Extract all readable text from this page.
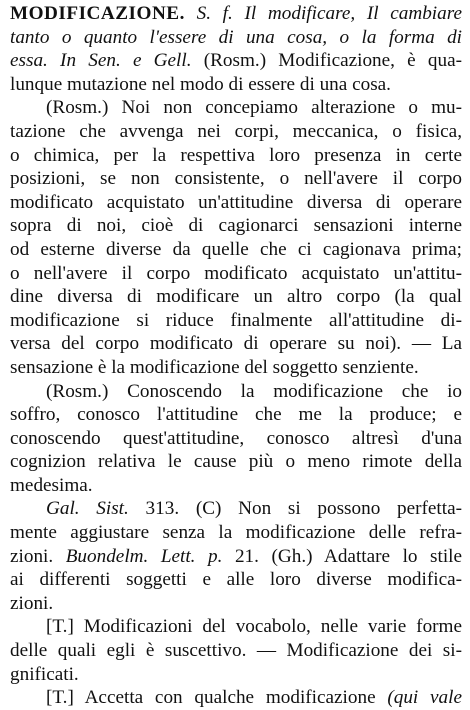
MODIFICAZIONE. S. f. Il modificare, Il cambiare
tanto o quanto l'essere di una cosa, o la forma di
essa. In Sen. e Gell. (Rosm.) Modificazione, è qua-
lunque mutazione nel modo di essere di una cosa.
(Rosm.) Noi non concepiamo alterazione o mu-
tazione che avvenga nei corpi, meccanica, o fisica,
o chimica, per la respettiva loro presenza in certe
posizioni, se non consistente, o nell'avere il corpo
modificato acquistato un'attitudine diversa di operare
sopra di noi, cioè di cagionarci sensazioni interne
od esterne diverse da quelle che ci cagionava prima;
o nell'avere il corpo modificato acquistato un'attitu-
dine diversa di modificare un altro corpo (la qual
modificazione si riduce finalmente all'attitudine di-
versa del corpo modificato di operare su noi). — La
sensazione è la modificazione del soggetto senziente.
(Rosm.) Conoscendo la modificazione che io
soffro, conosco l'attitudine che me la produce; e
conoscendo quest'attitudine, conosco altresì d'una
cognizion relativa le cause più o meno rimote della
medesima.
Gal. Sist. 313. (C) Non si possono perfetta-
mente aggiustare senza la modificazione delle refra-
zioni. Buondelm. Lett. p. 21. (Gh.) Adattare lo stile
ai differenti soggetti e alle loro diverse modifica-
zioni.
[T.] Modificazioni del vocabolo, nelle varie forme
delle quali egli è suscettivo. — Modificazione dei si-
gnificati.
[T.] Accetta con qualche modificazione (qui vale
